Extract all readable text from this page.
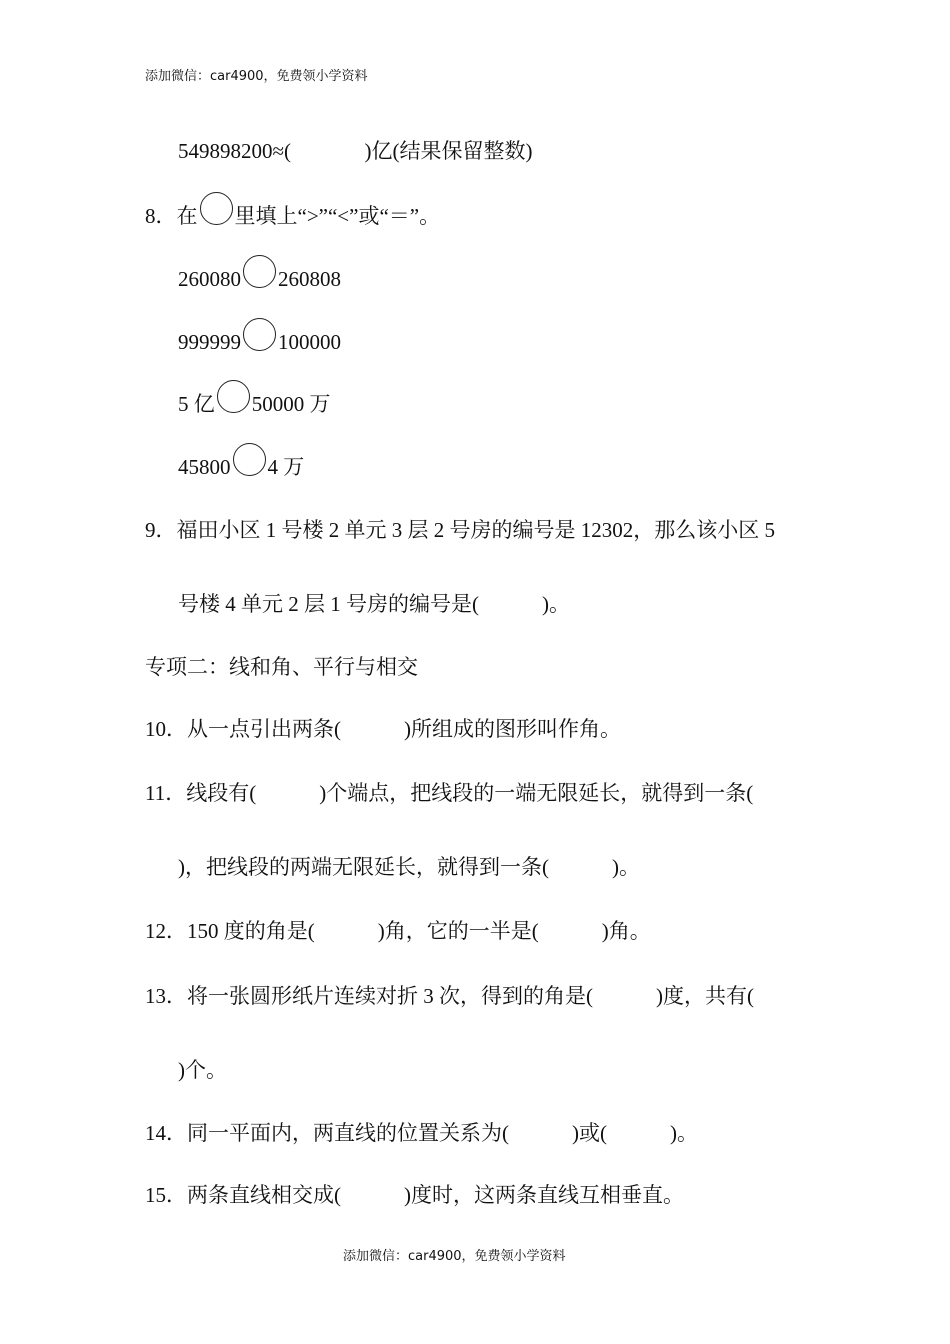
添加微信：car4900，免费领小学资料
549898200≈(              )亿(结果保留整数)
8．在 里填上“>”“<”或“＝”。
260080 260808
999999 100000
5 亿 50000 万
45800 4 万
9．福田小区 1 号楼 2 单元 3 层 2 号房的编号是 12302，那么该小区 5
号楼 4 单元 2 层 1 号房的编号是(            )。
专项二：线和角、平行与相交
10．从一点引出两条(            )所组成的图形叫作角。
11．线段有(            )个端点，把线段的一端无限延长，就得到一条(
)，把线段的两端无限延长，就得到一条(            )。
12．150 度的角是(            )角，它的一半是(            )角。
13．将一张圆形纸片连续对折 3 次，得到的角是(            )度，共有(
)个。
14．同一平面内，两直线的位置关系为(            )或(            )。
15．两条直线相交成(            )度时，这两条直线互相垂直。
添加微信：car4900，免费领小学资料
